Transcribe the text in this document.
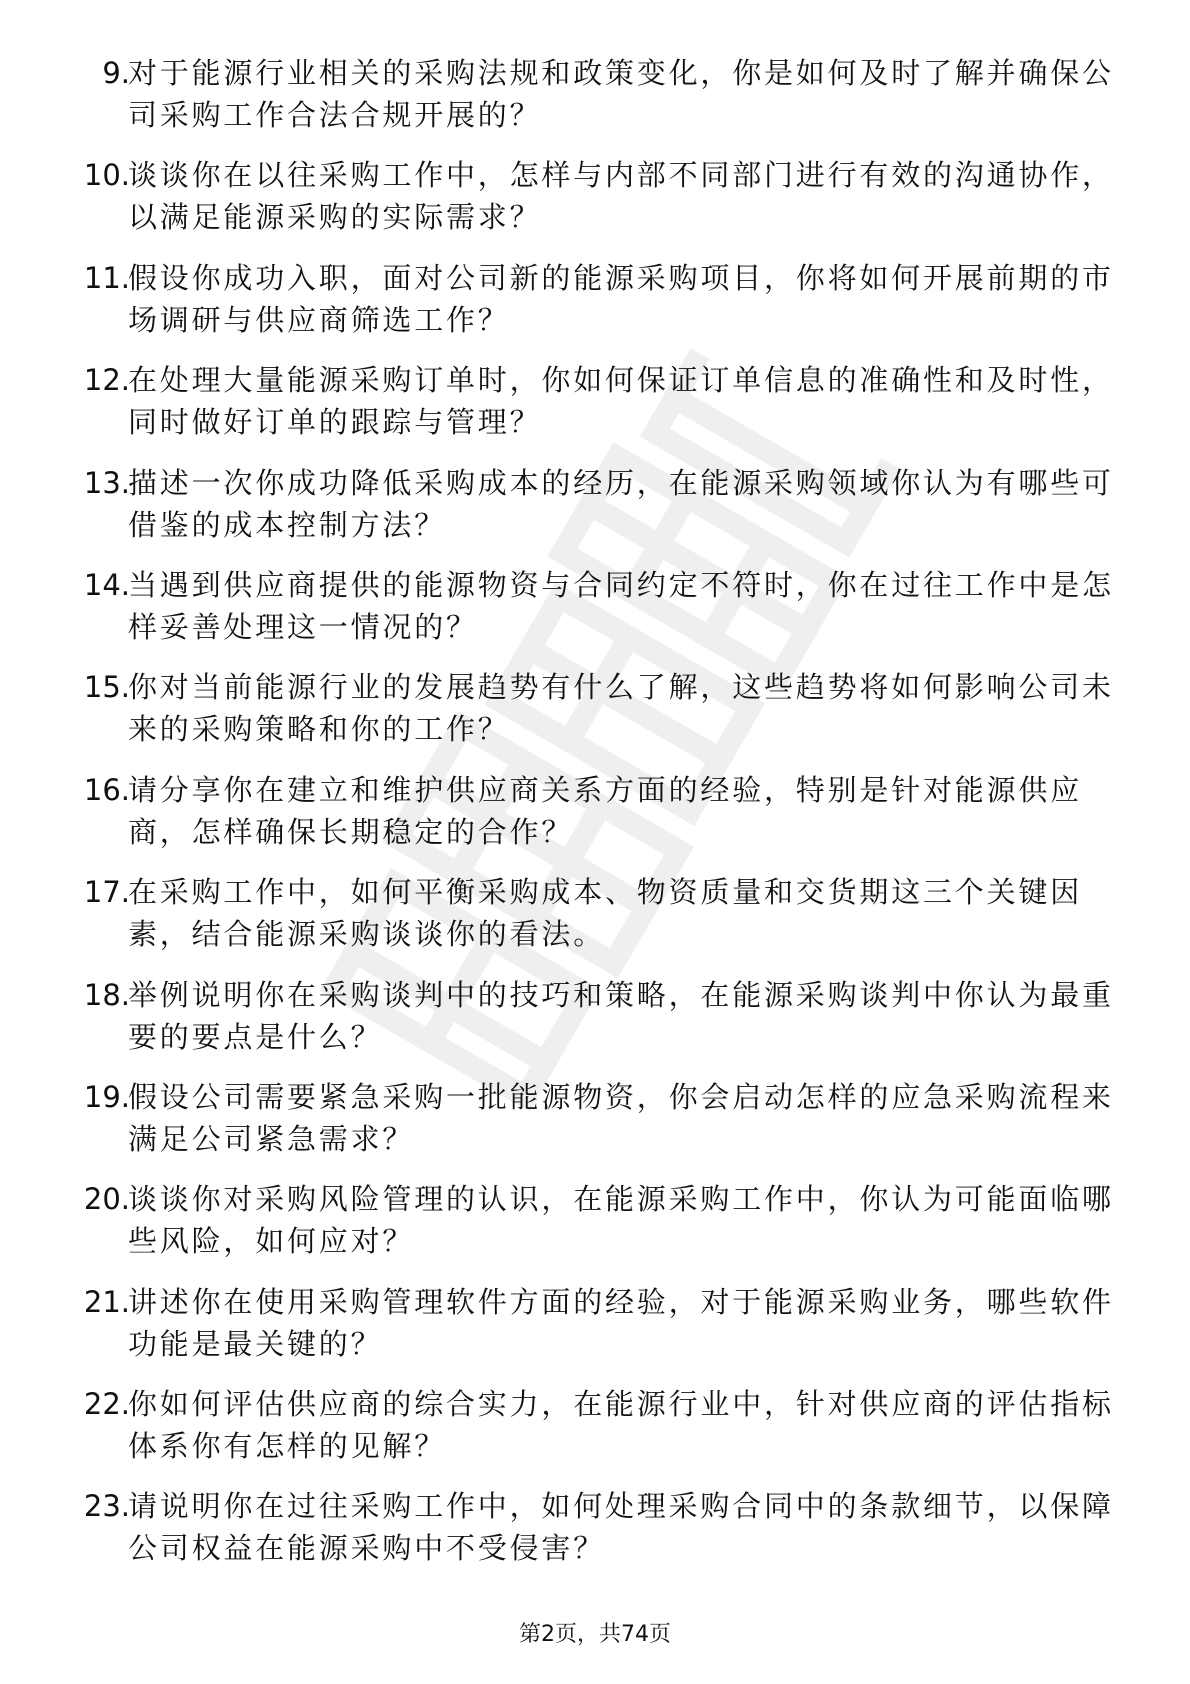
9.
对于能源行业相关的采购法规和政策变化，你是如何及时了解并确保公司采购工作合法合规开展的？
10.
谈谈你在以往采购工作中，怎样与内部不同部门进行有效的沟通协作，以满足能源采购的实际需求？
11.
假设你成功入职，面对公司新的能源采购项目，你将如何开展前期的市场调研与供应商筛选工作？
12.
在处理大量能源采购订单时，你如何保证订单信息的准确性和及时性，同时做好订单的跟踪与管理？
13.
描述一次你成功降低采购成本的经历，在能源采购领域你认为有哪些可借鉴的成本控制方法？
14.
当遇到供应商提供的能源物资与合同约定不符时，你在过往工作中是怎样妥善处理这一情况的？
15.
你对当前能源行业的发展趋势有什么了解，这些趋势将如何影响公司未来的采购策略和你的工作？
16.
请分享你在建立和维护供应商关系方面的经验，特别是针对能源供应商，怎样确保长期稳定的合作？
17.
在采购工作中，如何平衡采购成本、物资质量和交货期这三个关键因素，结合能源采购谈谈你的看法。
18.
举例说明你在采购谈判中的技巧和策略，在能源采购谈判中你认为最重要的要点是什么？
19.
假设公司需要紧急采购一批能源物资，你会启动怎样的应急采购流程来满足公司紧急需求？
20.
谈谈你对采购风险管理的认识，在能源采购工作中，你认为可能面临哪些风险，如何应对？
21.
讲述你在使用采购管理软件方面的经验，对于能源采购业务，哪些软件功能是最关键的？
22.
你如何评估供应商的综合实力，在能源行业中，针对供应商的评估指标体系你有怎样的见解？
23.
请说明你在过往采购工作中，如何处理采购合同中的条款细节，以保障公司权益在能源采购中不受侵害？
第2页，共74页
